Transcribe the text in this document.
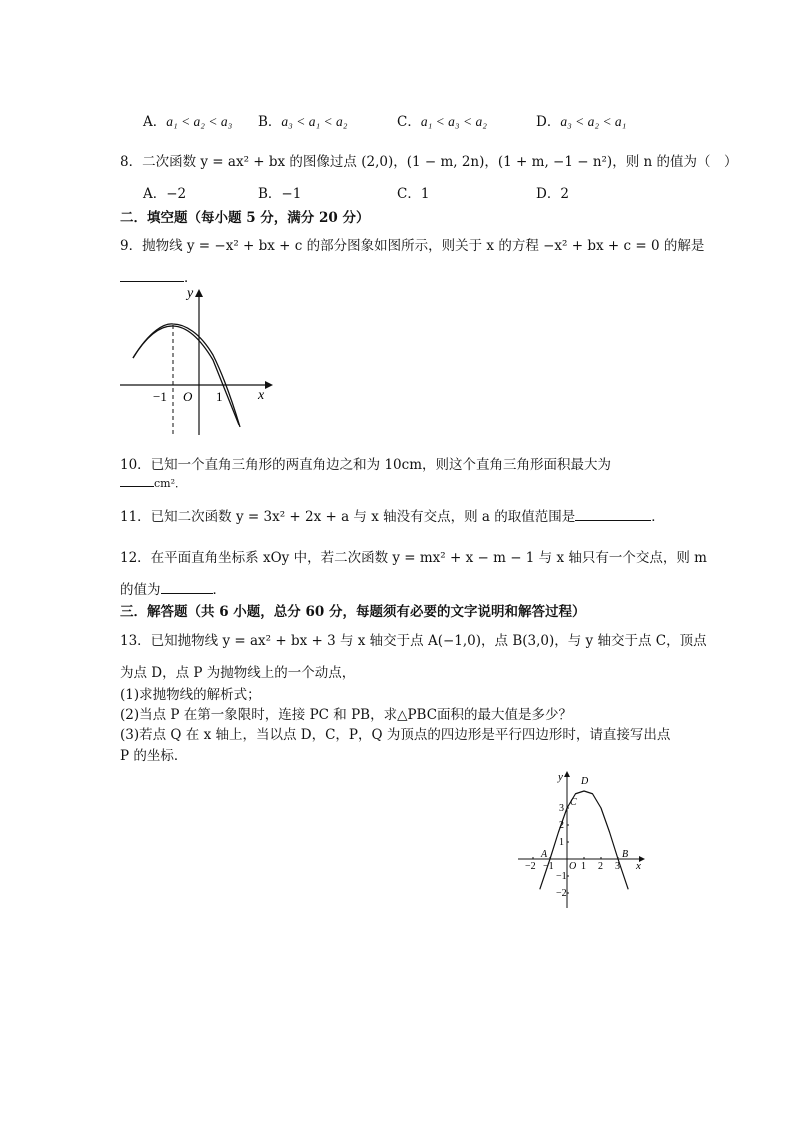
A．a₁ < a₂ < a₃ B．a₃ < a₁ < a₂	C．a₁ < a₃ < a₂	D．a₃ < a₂ < a₁
8．二次函数 y = ax² + bx 的图像过点 (2,0)，(1 − m, 2n)，(1 + m, −1 − n²)，则 n 的值为（　）
A．−2	B．−1	C．1	D．2
二．填空题（每小题 5 分，满分 20 分）
9．抛物线 y = −x² + bx + c 的部分图象如图所示，则关于 x 的方程 −x² + bx + c = 0 的解是
．
y
x
O
−1	1
10．已知一个直角三角形的两直角边之和为 10cm，则这个直角三角形面积最大为
cm²．
11．已知二次函数 y = 3x² + 2x + a 与 x 轴没有交点，则 a 的取值范围是	．
12．在平面直角坐标系 xOy 中，若二次函数 y = mx² + x − m − 1 与 x 轴只有一个交点，则 m
的值为	．
三．解答题（共 6 小题，总分 60 分，每题须有必要的文字说明和解答过程）
13．已知抛物线 y = ax² + bx + 3 与 x 轴交于点 A(−1,0)，点 B(3,0)，与 y 轴交于点 C，顶点
为点 D，点 P 为抛物线上的一个动点，
(1)求抛物线的解析式；
(2)当点 P 在第一象限时，连接 PC 和 PB，求△PBC面积的最大值是多少？
(3)若点 Q 在 x 轴上，当以点 D，C，P，Q 为顶点的四边形是平行四边形时，请直接写出点
P 的坐标．
−2 −1	1 2 3
3
2
1
−1
−2
y
x
O
A	B
C
D
